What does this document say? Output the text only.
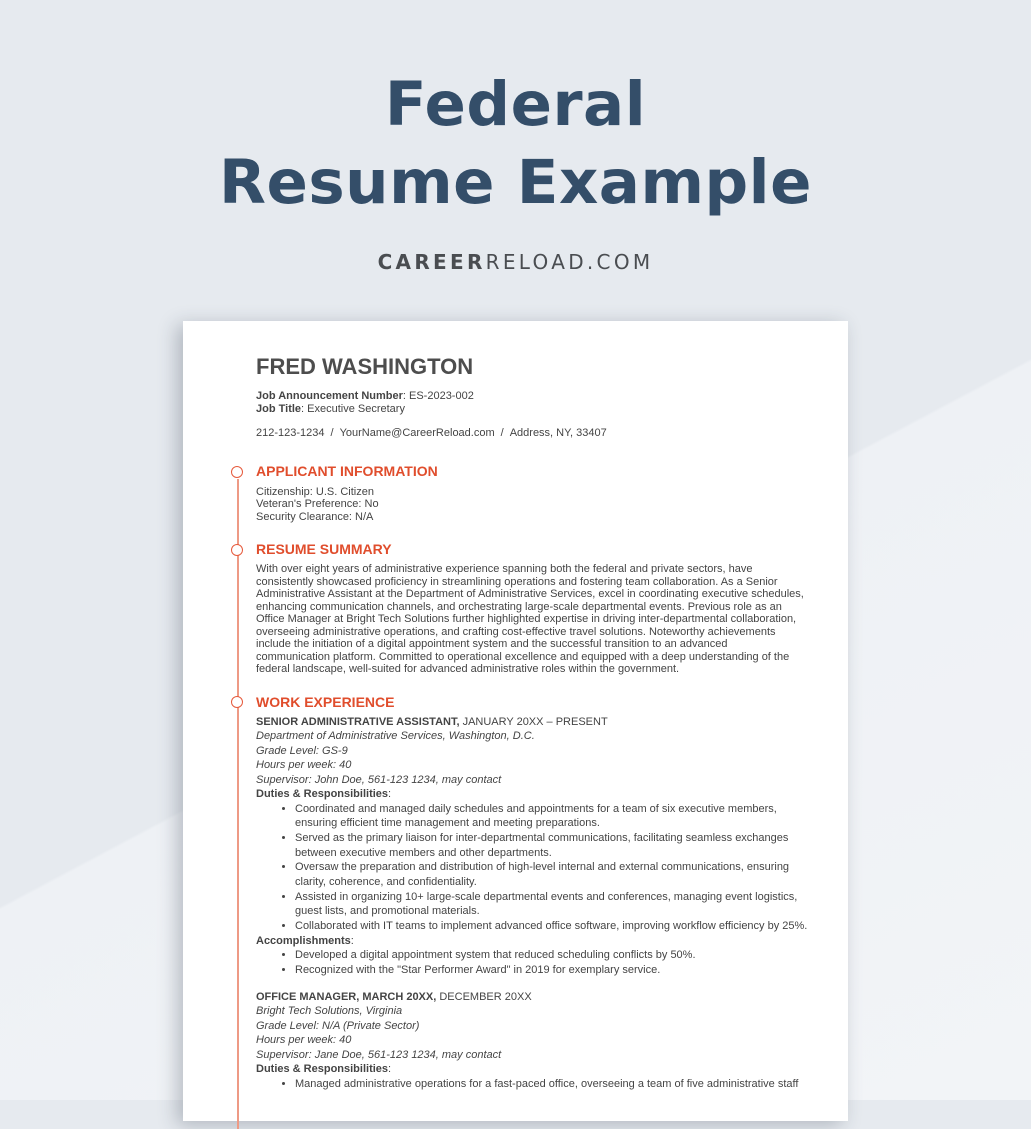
Federal
Resume Example
CAREERRELOAD.COM
FRED WASHINGTON

Job Announcement Number: ES-2023-002

Job Title: Executive Secretary

212-123-1234 / YourName@CareerReload.com / Address, NY, 33407

APPLICANT INFORMATION

Citizenship: U.S. Citizen

Veteran's Preference: No

Security Clearance: N/A

RESUME SUMMARY

With over eight years of administrative experience spanning both the federal and private sectors, have consistently showcased proficiency in streamlining operations and fostering team collaboration. As a Senior Administrative Assistant at the Department of Administrative Services, excel in coordinating executive schedules, enhancing communication channels, and orchestrating large-scale departmental events. Previous role as an Office Manager at Bright Tech Solutions further highlighted expertise in driving inter-departmental collaboration, overseeing administrative operations, and crafting cost-effective travel solutions. Noteworthy achievements include the initiation of a digital appointment system and the successful transition to an advanced communication platform. Committed to operational excellence and equipped with a deep understanding of the federal landscape, well-suited for advanced administrative roles within the government.

WORK EXPERIENCE
SENIOR ADMINISTRATIVE ASSISTANT, JANUARY 20XX – PRESENT
Department of Administrative Services, Washington, D.C.
Grade Level: GS-9
Hours per week: 40
Supervisor: John Doe, 561-123 1234, may contact
Duties & Responsibilities:
• Coordinated and managed daily schedules and appointments for a team of six executive members, ensuring efficient time management and meeting preparations.
• Served as the primary liaison for inter-departmental communications, facilitating seamless exchanges between executive members and other departments.
• Oversaw the preparation and distribution of high-level internal and external communications, ensuring clarity, coherence, and confidentiality.
• Assisted in organizing 10+ large-scale departmental events and conferences, managing event logistics, guest lists, and promotional materials.
• Collaborated with IT teams to implement advanced office software, improving workflow efficiency by 25%.
Accomplishments:
• Developed a digital appointment system that reduced scheduling conflicts by 50%.
• Recognized with the "Star Performer Award" in 2019 for exemplary service.
OFFICE MANAGER, MARCH 20XX, DECEMBER 20XX
Bright Tech Solutions, Virginia
Grade Level: N/A (Private Sector)
Hours per week: 40
Supervisor: Jane Doe, 561-123 1234, may contact
Duties & Responsibilities:
• Managed administrative operations for a fast-paced office, overseeing a team of five administrative staff
